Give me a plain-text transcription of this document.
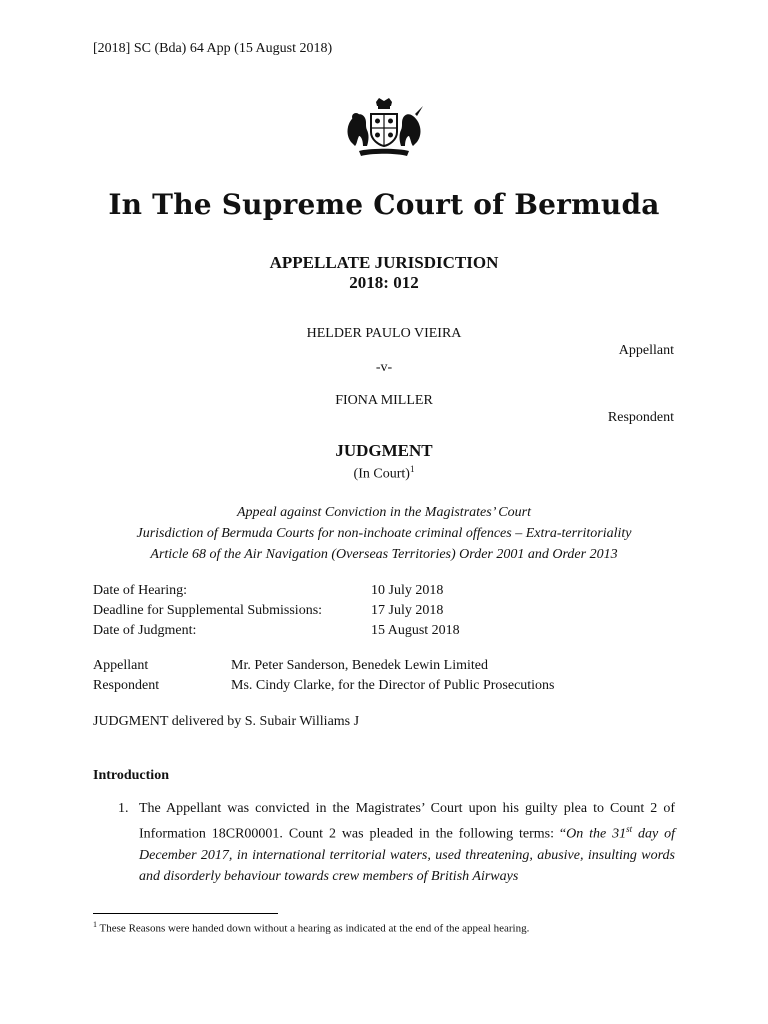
[2018] SC (Bda) 64 App (15 August 2018)
In The Supreme Court of Bermuda
APPELLATE JURISDICTION
2018: 012
HELDER PAULO VIEIRA
Appellant
-v-
FIONA MILLER
Respondent
JUDGMENT
(In Court)$^1$
Appeal against Conviction in the Magistrates’ Court
Jurisdiction of Bermuda Courts for non-inchoate criminal offences – Extra-territoriality
Article 68 of the Air Navigation (Overseas Territories) Order 2001 and Order 2013
Date of Hearing:	10 July 2018
Deadline for Supplemental Submissions:	17 July 2018
Date of Judgment:	15 August 2018
Appellant	Mr. Peter Sanderson, Benedek Lewin Limited
Respondent	Ms. Cindy Clarke, for the Director of Public Prosecutions
JUDGMENT delivered by S. Subair Williams J
Introduction
1. The Appellant was convicted in the Magistrates’ Court upon his guilty plea to Count 2 of Information 18CR00001. Count 2 was pleaded in the following terms: “On the 31st day of December 2017, in international territorial waters, used threatening, abusive, insulting words and disorderly behaviour towards crew members of British Airways
$^1$ These Reasons were handed down without a hearing as indicated at the end of the appeal hearing.
